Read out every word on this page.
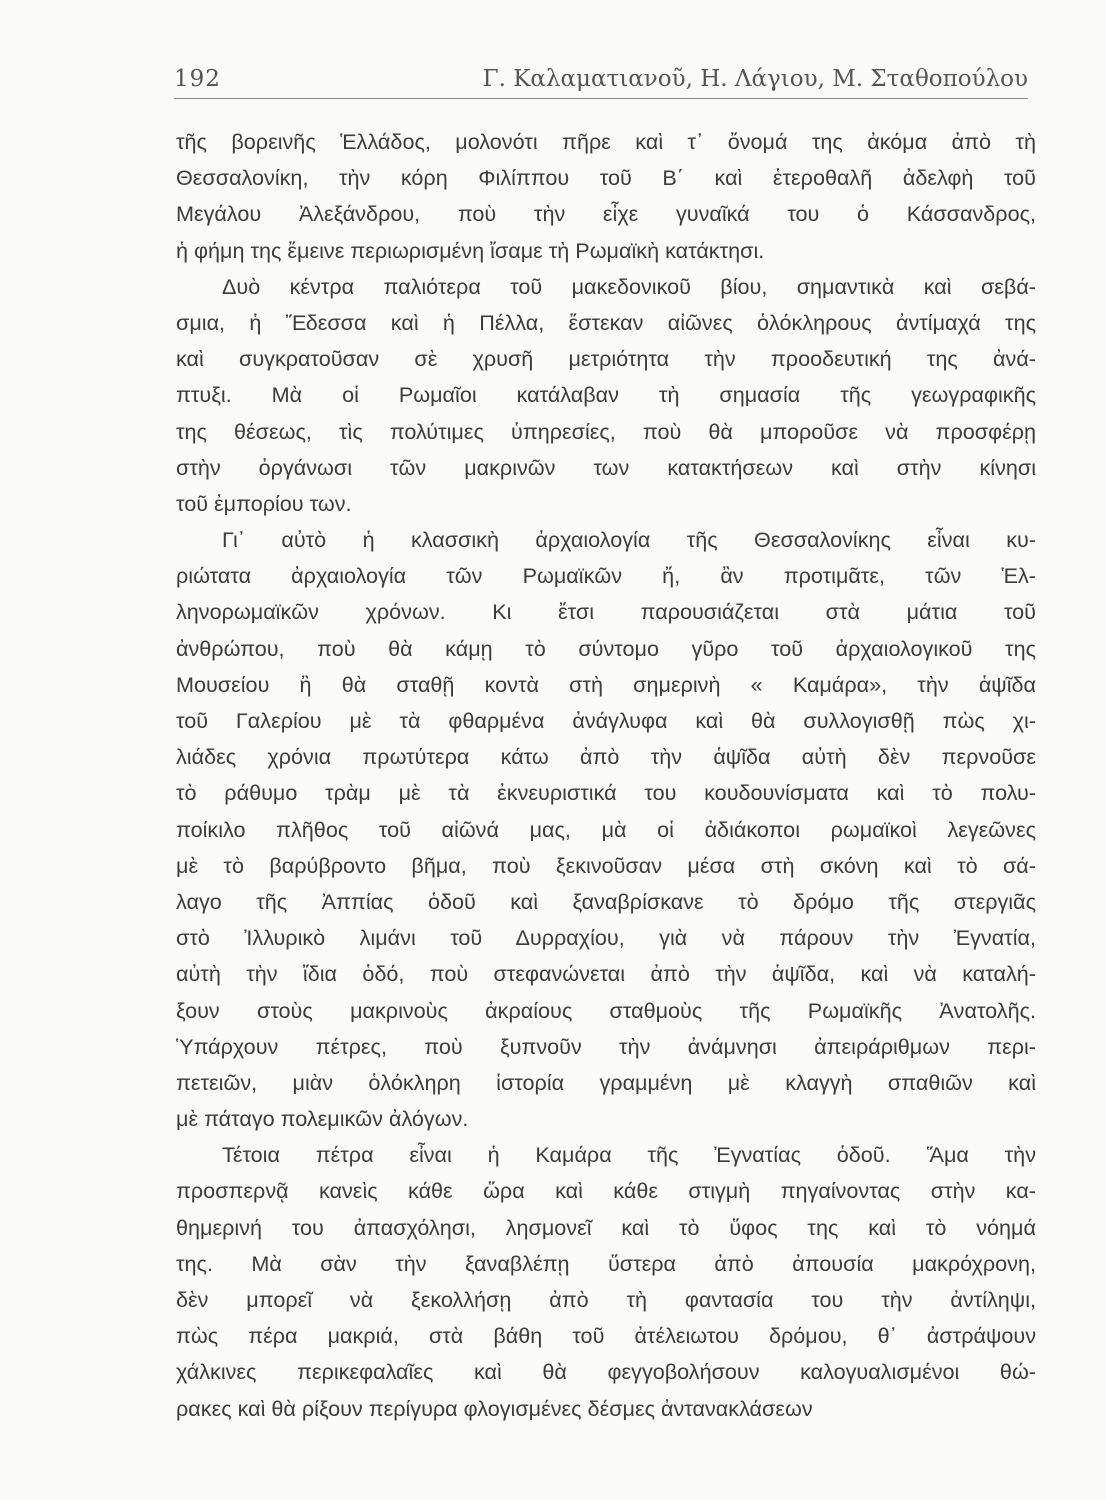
192	Γ. Καλαματιανοῦ, Η. Λάγιου, Μ. Σταθοπούλου
τῆς βορεινῆς Ἑλλάδος, μολονότι πῆρε καὶ τ᾿ ὄνομά της ἀκόμα ἀπὸ τὴ
Θεσσαλονίκη, τὴν κόρη Φιλίππου τοῦ Β΄ καὶ ἑτεροθαλῆ ἀδελφὴ τοῦ
Μεγάλου Ἀλεξάνδρου, ποὺ τὴν εἶχε γυναῖκά του ὁ Κάσσανδρος,
ἡ φήμη της ἔμεινε περιωρισμένη ἴσαμε τὴ Ρωμαϊκὴ κατάκτησι.
Δυὸ κέντρα παλιότερα τοῦ μακεδονικοῦ βίου, σημαντικὰ καὶ σεβά-
σμια, ἡ Ἔδεσσα καὶ ἡ Πέλλα, ἔστεκαν αἰῶνες ὁλόκληρους ἀντίμαχά της
καὶ συγκρατοῦσαν σὲ χρυσῆ μετριότητα τὴν προοδευτική της ἀνά-
πτυξι. Μὰ οἱ Ρωμαῖοι κατάλαβαν τὴ σημασία τῆς γεωγραφικῆς
της θέσεως, τὶς πολύτιμες ὑπηρεσίες, ποὺ θὰ μποροῦσε νὰ προσφέρῃ
στὴν ὀργάνωσι τῶν μακρινῶν των κατακτήσεων καὶ στὴν κίνησι
τοῦ ἐμπορίου των.
Γι᾿ αὐτὸ ἡ κλασσικὴ ἀρχαιολογία τῆς Θεσσαλονίκης εἶναι κυ-
ριώτατα ἀρχαιολογία τῶν Ρωμαϊκῶν ἤ, ἂν προτιμᾶτε, τῶν Ἑλ-
ληνορωμαϊκῶν χρόνων. Κι ἔτσι παρουσιάζεται στὰ μάτια τοῦ
ἀνθρώπου, ποὺ θὰ κάμῃ τὸ σύντομο γῦρο τοῦ ἀρχαιολογικοῦ της
Μουσείου ἢ θὰ σταθῇ κοντὰ στὴ σημερινὴ « Καμάρα», τὴν ἁψῖδα
τοῦ Γαλερίου μὲ τὰ φθαρμένα ἀνάγλυφα καὶ θὰ συλλογισθῇ πὼς χι-
λιάδες χρόνια πρωτύτερα κάτω ἀπὸ τὴν ἁψῖδα αὐτὴ δὲν περνοῦσε
τὸ ράθυμο τρὰμ μὲ τὰ ἐκνευριστικά του κουδουνίσματα καὶ τὸ πολυ-
ποίκιλο πλῆθος τοῦ αἰῶνά μας, μὰ οἱ ἀδιάκοποι ρωμαϊκοὶ λεγεῶνες
μὲ τὸ βαρύβροντο βῆμα, ποὺ ξεκινοῦσαν μέσα στὴ σκόνη καὶ τὸ σά-
λαγο τῆς Ἀππίας ὁδοῦ καὶ ξαναβρίσκανε τὸ δρόμο τῆς στεργιᾶς
στὸ Ἰλλυρικὸ λιμάνι τοῦ Δυρραχίου, γιὰ νὰ πάρουν τὴν Ἐγνατία,
αὐτὴ τὴν ἴδια ὁδό, ποὺ στεφανώνεται ἀπὸ τὴν ἁψῖδα, καὶ νὰ καταλή-
ξουν στοὺς μακρινοὺς ἀκραίους σταθμοὺς τῆς Ρωμαϊκῆς Ἀνατολῆς.
Ὑπάρχουν πέτρες, ποὺ ξυπνοῦν τὴν ἀνάμνησι ἀπειράριθμων περι-
πετειῶν, μιὰν ὁλόκληρη ἱστορία γραμμένη μὲ κλαγγὴ σπαθιῶν καὶ
μὲ πάταγο πολεμικῶν ἀλόγων.
Τέτοια πέτρα εἶναι ἡ Καμάρα τῆς Ἐγνατίας ὁδοῦ. Ἅμα τὴν
προσπερνᾷ κανεὶς κάθε ὥρα καὶ κάθε στιγμὴ πηγαίνοντας στὴν κα-
θημερινή του ἀπασχόλησι, λησμονεῖ καὶ τὸ ὕφος της καὶ τὸ νόημά
της. Μὰ σὰν τὴν ξαναβλέπῃ ὕστερα ἀπὸ ἀπουσία μακρόχρονη,
δὲν μπορεῖ νὰ ξεκολλήσῃ ἀπὸ τὴ φαντασία του τὴν ἀντίληψι,
πὼς πέρα μακριά, στὰ βάθη τοῦ ἀτέλειωτου δρόμου, θ᾿ ἀστράψουν
χάλκινες περικεφαλαῖες καὶ θὰ φεγγοβολήσουν καλογυαλισμένοι θώ-
ρακες καὶ θὰ ρίξουν περίγυρα φλογισμένες δέσμες ἀντανακλάσεων
